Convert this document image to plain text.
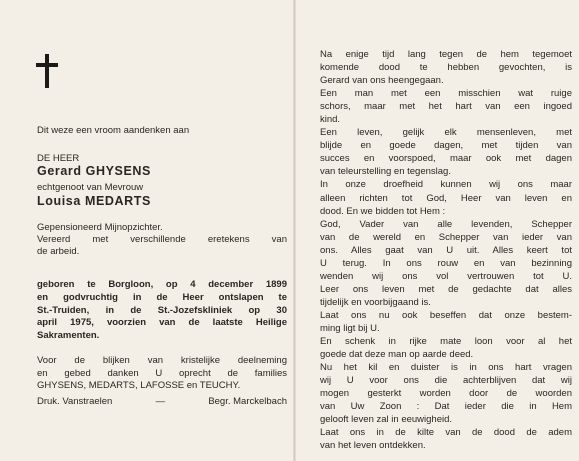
Dit weze een vroom aandenken aan
DE HEER
Gerard GHYSENS
echtgenoot van Mevrouw
Louisa MEDARTS
Gepensioneerd Mijnopzichter.
Vereerd met verschillende eretekens van
de arbeid.
geboren te Borgloon, op 4 december 1899
en godvruchtig in de Heer ontslapen te
St.-Truiden, in de St.-Jozefskliniek op 30
april 1975, voorzien van de laatste Heilige
Sakramenten.
Voor de blijken van kristelijke deelneming
en gebed danken U oprecht de families
GHYSENS, MEDARTS, LAFOSSE en TEUCHY.
Druk. Vanstraelen	—	Begr. Marckelbach
Na enige tijd lang tegen de hem tegemoet
komende dood te hebben gevochten, is
Gerard van ons heengegaan.
Een man met een misschien wat ruige
schors, maar met het hart van een ingoed
kind.
Een leven, gelijk elk mensenleven, met
blijde en goede dagen, met tijden van
succes en voorspoed, maar ook met dagen
van teleurstelling en tegenslag.
In onze droefheid kunnen wij ons maar
alleen richten tot God, Heer van leven en
dood. En we bidden tot Hem :
God, Vader van alle levenden, Schepper
van de wereld en Schepper van ieder van
ons. Alles gaat van U uit. Alles keert tot
U terug. In ons rouw en van bezinning
wenden wij ons vol vertrouwen tot U.
Leer ons leven met de gedachte dat alles
tijdelijk en voorbijgaand is.
Laat ons nu ook beseffen dat onze bestem-
ming ligt bij U.
En schenk in rijke mate loon voor al het
goede dat deze man op aarde deed.
Nu het kil en duister is in ons hart vragen
wij U voor ons die achterblijven dat wij
mogen gesterkt worden door de woorden
van Uw Zoon : Dat ieder die in Hem
gelooft leven zal in eeuwigheid.
Laat ons in de kilte van de dood de adem
van het leven ontdekken.
